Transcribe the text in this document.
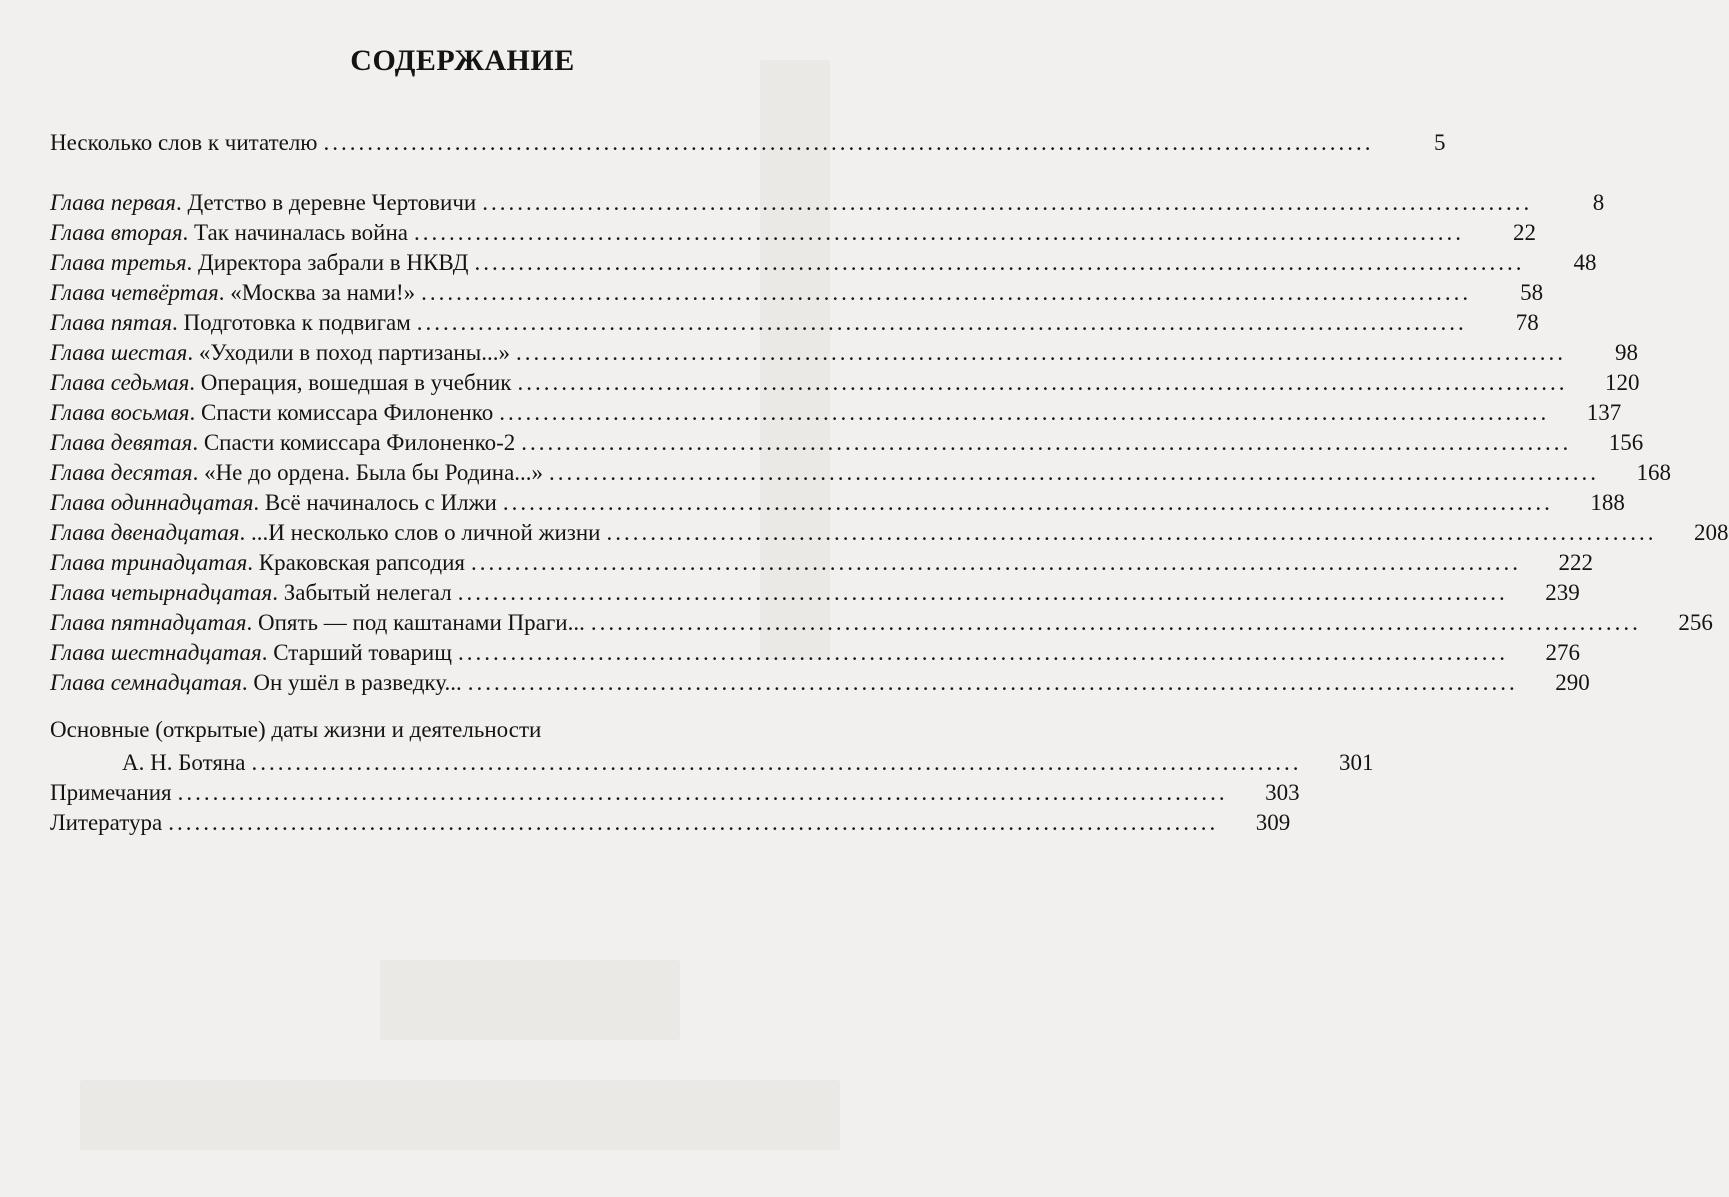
СОДЕРЖАНИЕ
Несколько слов к читателю ........................................................................................................................	5
Глава первая. Детство в деревне Чертовичи ........................................................................................................................	8
Глава вторая. Так начиналась война ........................................................................................................................	22
Глава третья. Директора забрали в НКВД ........................................................................................................................	48
Глава четвёртая. «Москва за нами!» ........................................................................................................................	58
Глава пятая. Подготовка к подвигам ........................................................................................................................	78
Глава шестая. «Уходили в поход партизаны...» ........................................................................................................................	98
Глава седьмая. Операция, вошедшая в учебник ........................................................................................................................	120
Глава восьмая. Спасти комиссара Филоненко ........................................................................................................................	137
Глава девятая. Спасти комиссара Филоненко-2 ........................................................................................................................	156
Глава десятая. «Не до ордена. Была бы Родина...» ........................................................................................................................	168
Глава одиннадцатая. Всё начиналось с Илжи ........................................................................................................................	188
Глава двенадцатая. ...И несколько слов о личной жизни ........................................................................................................................	208
Глава тринадцатая. Краковская рапсодия ........................................................................................................................	222
Глава четырнадцатая. Забытый нелегал ........................................................................................................................	239
Глава пятнадцатая. Опять — под каштанами Праги... ........................................................................................................................	256
Глава шестнадцатая. Старший товарищ ........................................................................................................................	276
Глава семнадцатая. Он ушёл в разведку... ........................................................................................................................	290
Основные (открытые) даты жизни и деятельности
А. Н. Ботяна ........................................................................................................................	301
Примечания ........................................................................................................................	303
Литература ........................................................................................................................	309
